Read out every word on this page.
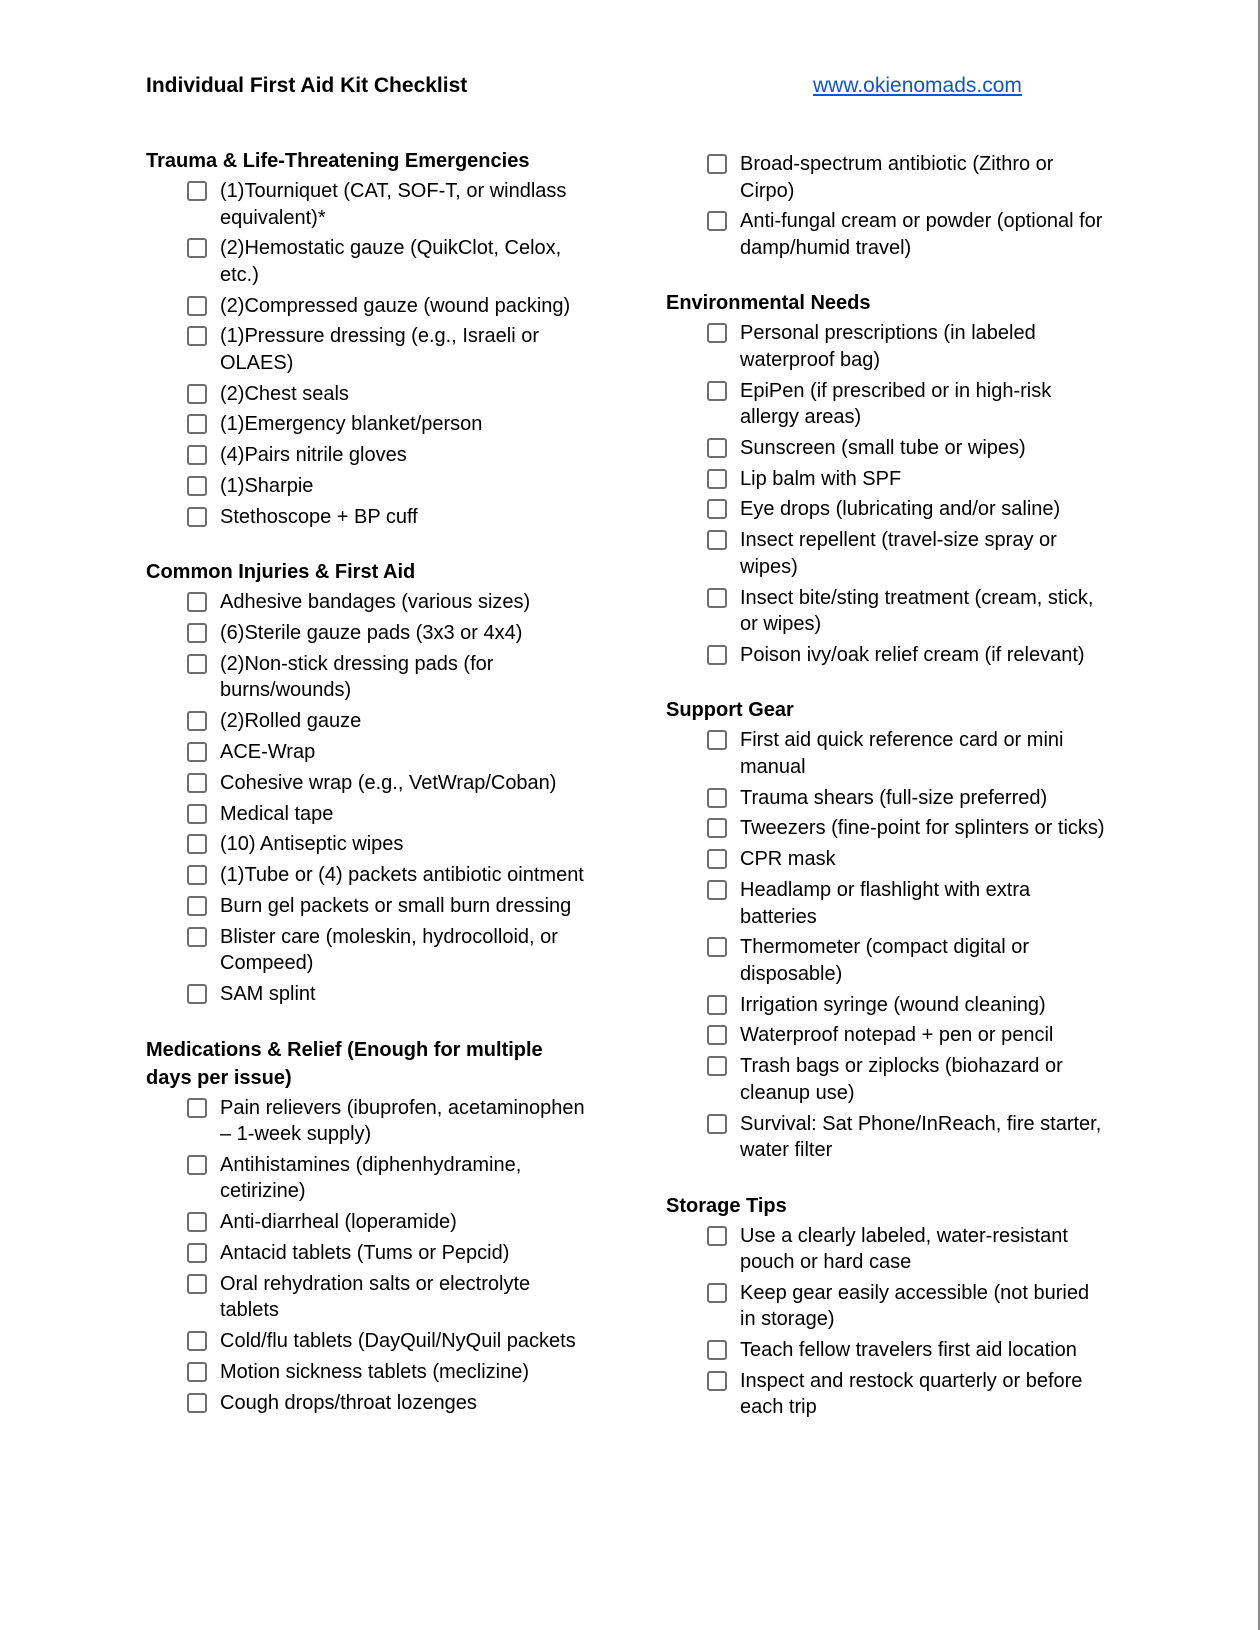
Individual First Aid Kit Checklist	www.okienomads.com
Trauma & Life-Threatening Emergencies
(1)Tourniquet (CAT, SOF-T, or windlass equivalent)*
(2)Hemostatic gauze (QuikClot, Celox, etc.)
(2)Compressed gauze (wound packing)
(1)Pressure dressing (e.g., Israeli or OLAES)
(2)Chest seals
(1)Emergency blanket/person
(4)Pairs nitrile gloves
(1)Sharpie
Stethoscope + BP cuff
Common Injuries & First Aid
Adhesive bandages (various sizes)
(6)Sterile gauze pads (3x3 or 4x4)
(2)Non-stick dressing pads (for burns/wounds)
(2)Rolled gauze
ACE-Wrap
Cohesive wrap (e.g., VetWrap/Coban)
Medical tape
(10) Antiseptic wipes
(1)Tube or (4) packets antibiotic ointment
Burn gel packets or small burn dressing
Blister care (moleskin, hydrocolloid, or Compeed)
SAM splint
Medications & Relief (Enough for multiple days per issue)
Pain relievers (ibuprofen, acetaminophen – 1-week supply)
Antihistamines (diphenhydramine, cetirizine)
Anti-diarrheal (loperamide)
Antacid tablets (Tums or Pepcid)
Oral rehydration salts or electrolyte tablets
Cold/flu tablets (DayQuil/NyQuil packets
Motion sickness tablets (meclizine)
Cough drops/throat lozenges
Broad-spectrum antibiotic (Zithro or Cirpo)
Anti-fungal cream or powder (optional for damp/humid travel)
Environmental Needs
Personal prescriptions (in labeled waterproof bag)
EpiPen (if prescribed or in high-risk allergy areas)
Sunscreen (small tube or wipes)
Lip balm with SPF
Eye drops (lubricating and/or saline)
Insect repellent (travel-size spray or wipes)
Insect bite/sting treatment (cream, stick, or wipes)
Poison ivy/oak relief cream (if relevant)
Support Gear
First aid quick reference card or mini manual
Trauma shears (full-size preferred)
Tweezers (fine-point for splinters or ticks)
CPR mask
Headlamp or flashlight with extra batteries
Thermometer (compact digital or disposable)
Irrigation syringe (wound cleaning)
Waterproof notepad + pen or pencil
Trash bags or ziplocks (biohazard or cleanup use)
Survival: Sat Phone/InReach, fire starter, water filter
Storage Tips
Use a clearly labeled, water-resistant pouch or hard case
Keep gear easily accessible (not buried in storage)
Teach fellow travelers first aid location
Inspect and restock quarterly or before each trip
